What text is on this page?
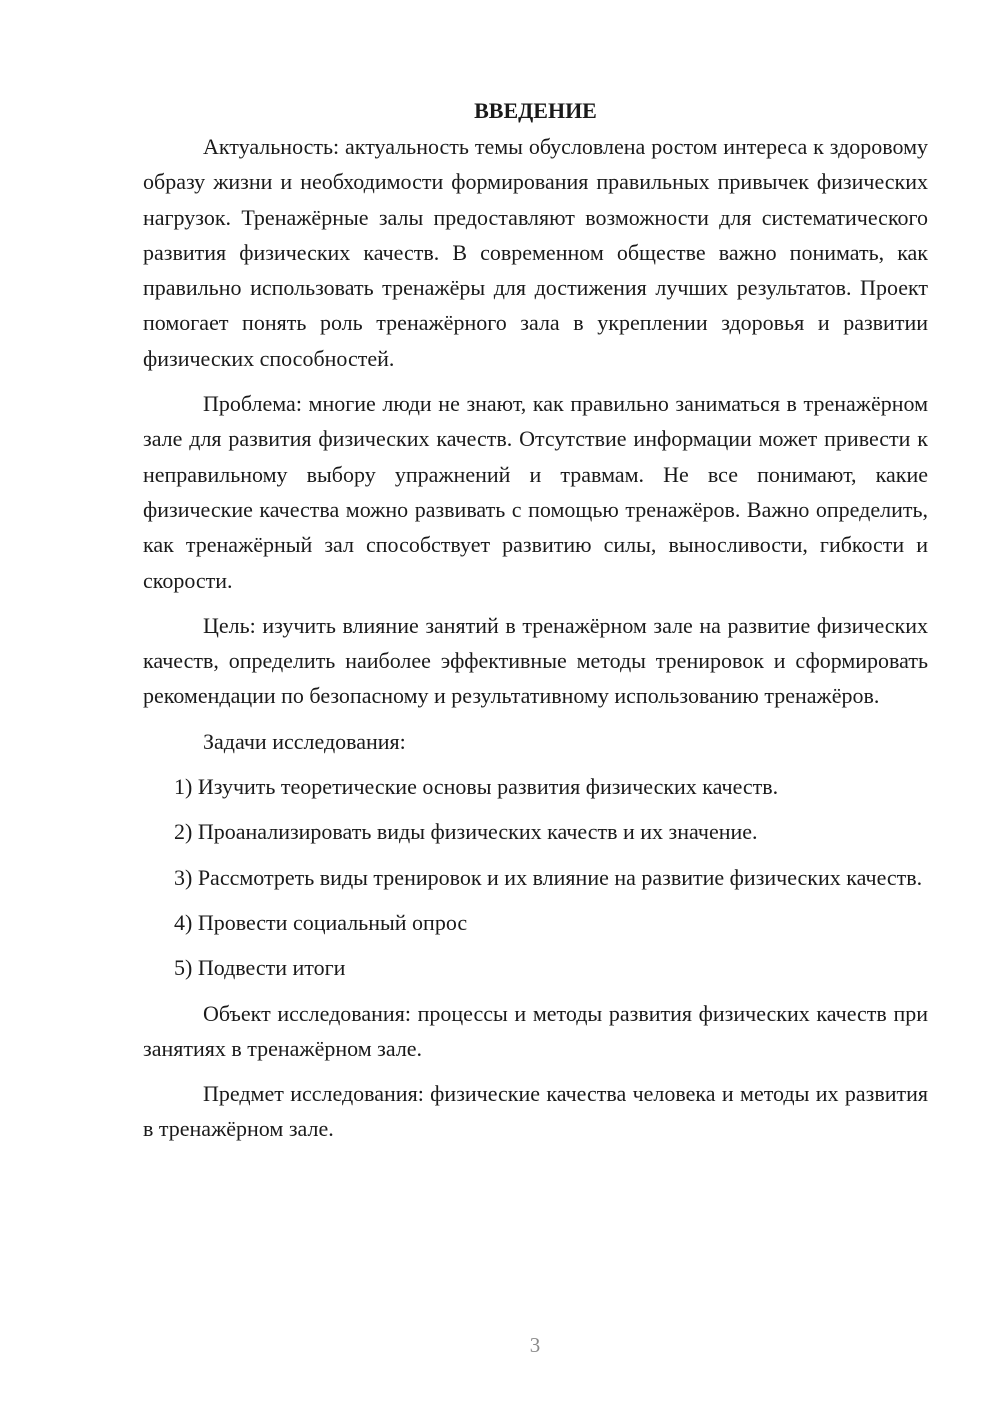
ВВЕДЕНИЕ

Актуальность: актуальность темы обусловлена ростом интереса к здоровому образу жизни и необходимости формирования правильных привычек физических нагрузок. Тренажёрные залы предоставляют возможности для систематического развития физических качеств. В современном обществе важно понимать, как правильно использовать тренажёры для достижения лучших результатов. Проект помогает понять роль тренажёрного зала в укреплении здоровья и развитии физических способностей.

Проблема: многие люди не знают, как правильно заниматься в тренажёрном зале для развития физических качеств. Отсутствие информации может привести к неправильному выбору упражнений и травмам. Не все понимают, какие физические качества можно развивать с помощью тренажёров. Важно определить, как тренажёрный зал способствует развитию силы, выносливости, гибкости и скорости.

Цель: изучить влияние занятий в тренажёрном зале на развитие физических качеств, определить наиболее эффективные методы тренировок и сформировать рекомендации по безопасному и результативному использованию тренажёров.

Задачи исследования:

1) Изучить теоретические основы развития физических качеств.

2) Проанализировать виды физических качеств и их значение.

3) Рассмотреть виды тренировок и их влияние на развитие физических качеств.

4) Провести социальный опрос

5) Подвести итоги

Объект исследования: процессы и методы развития физических качеств при занятиях в тренажёрном зале.

Предмет исследования: физические качества человека и методы их развития в тренажёрном зале.

3
